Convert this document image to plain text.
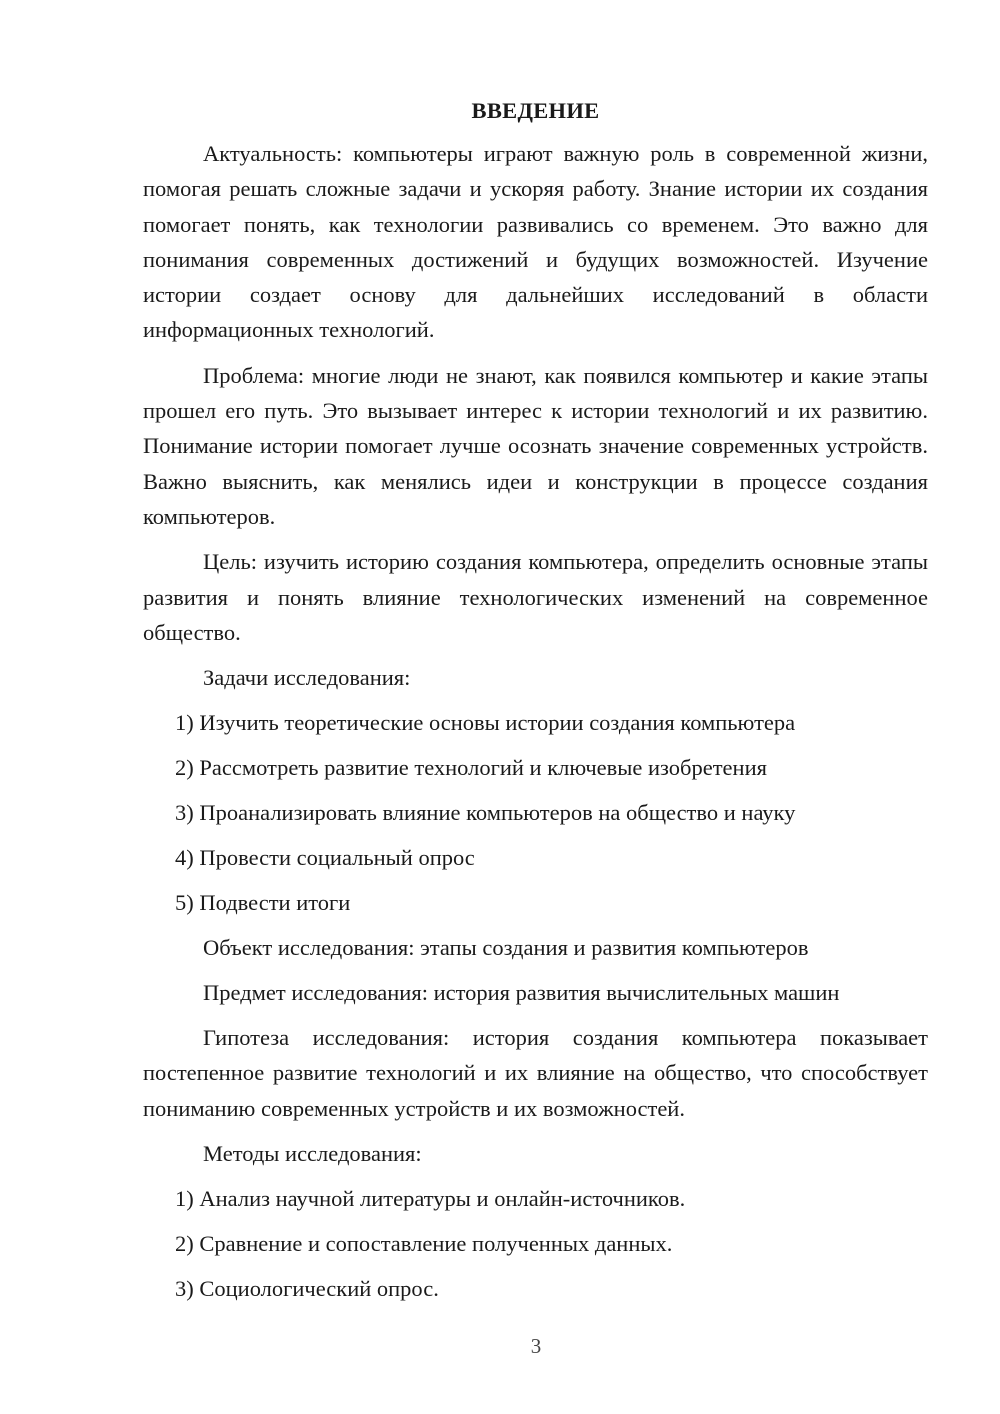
ВВЕДЕНИЕ

Актуальность: компьютеры играют важную роль в современной жизни, помогая решать сложные задачи и ускоряя работу. Знание истории их создания помогает понять, как технологии развивались со временем. Это важно для понимания современных достижений и будущих возможностей. Изучение истории создает основу для дальнейших исследований в области информационных технологий.

Проблема: многие люди не знают, как появился компьютер и какие этапы прошел его путь. Это вызывает интерес к истории технологий и их развитию. Понимание истории помогает лучше осознать значение современных устройств. Важно выяснить, как менялись идеи и конструкции в процессе создания компьютеров.

Цель: изучить историю создания компьютера, определить основные этапы развития и понять влияние технологических изменений на современное общество.

Задачи исследования:
1) Изучить теоретические основы истории создания компьютера
2) Рассмотреть развитие технологий и ключевые изобретения
3) Проанализировать влияние компьютеров на общество и науку
4) Провести социальный опрос
5) Подвести итоги
Объект исследования: этапы создания и развития компьютеров
Предмет исследования: история развития вычислительных машин

Гипотеза исследования: история создания компьютера показывает постепенное развитие технологий и их влияние на общество, что способствует пониманию современных устройств и их возможностей.

Методы исследования:
1) Анализ научной литературы и онлайн-источников.
2) Сравнение и сопоставление полученных данных.
3) Социологический опрос.
3
